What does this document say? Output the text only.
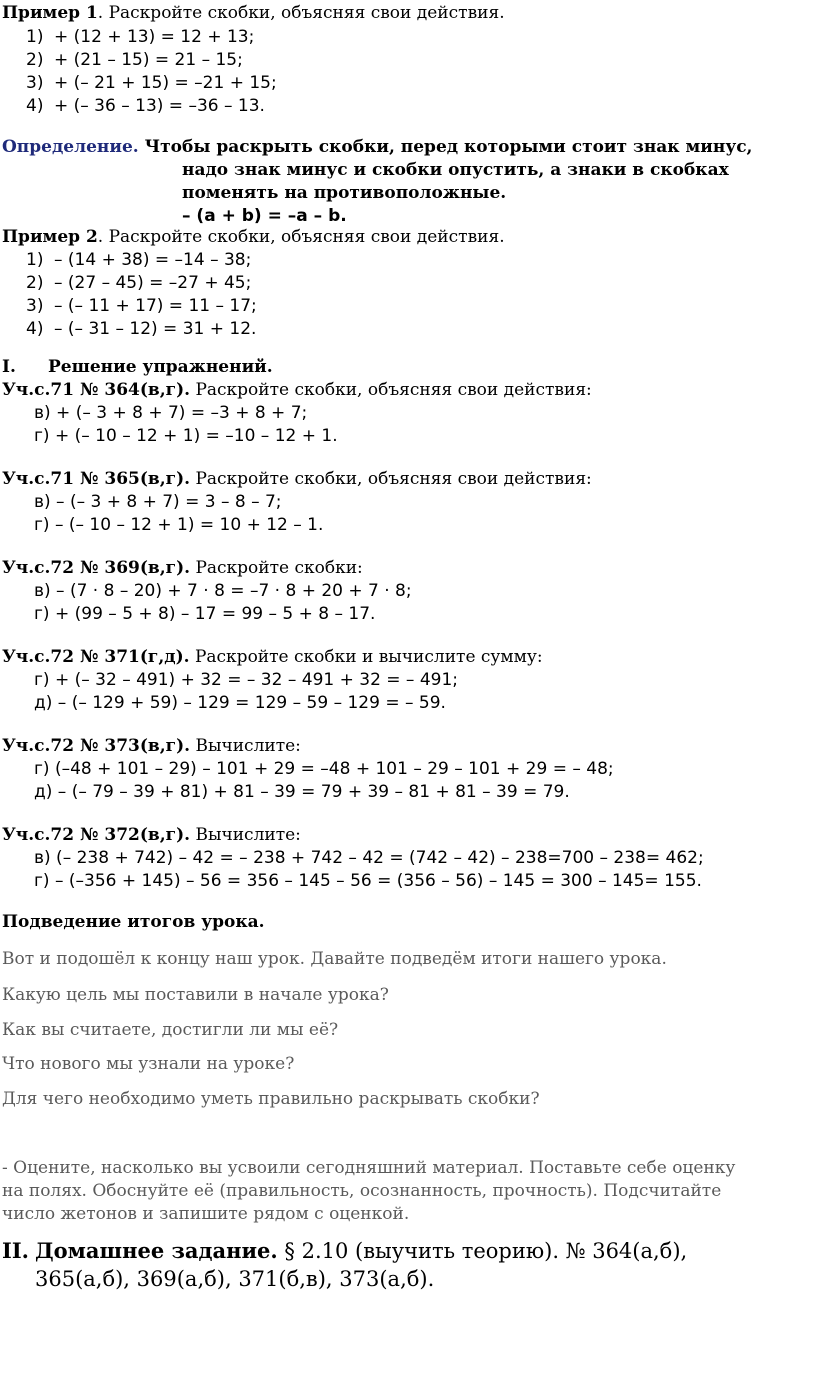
Пример 1. Раскройте скобки, объясняя свои действия.
1) + (12 + 13) = 12 + 13;
2) + (21 – 15) = 21 – 15;
3) + (– 21 + 15) = –21 + 15;
4) + (– 36 – 13) = –36 – 13.
Определение. Чтобы раскрыть скобки, перед которыми стоит знак минус,
надо знак минус и скобки опустить, а знаки в скобках
поменять на противоположные.
– (a + b) = –a – b.
Пример 2. Раскройте скобки, объясняя свои действия.
1) – (14 + 38) = –14 – 38;
2) – (27 – 45) = –27 + 45;
3) – (– 11 + 17) = 11 – 17;
4) – (– 31 – 12) = 31 + 12.
I. Решение упражнений.
Уч.с.71 № 364(в,г). Раскройте скобки, объясняя свои действия:
в) + (– 3 + 8 + 7) = –3 + 8 + 7;
г) + (– 10 – 12 + 1) = –10 – 12 + 1.
Уч.с.71 № 365(в,г). Раскройте скобки, объясняя свои действия:
в) – (– 3 + 8 + 7) = 3 – 8 – 7;
г) – (– 10 – 12 + 1) = 10 + 12 – 1.
Уч.с.72 № 369(в,г). Раскройте скобки:
в) – (7 · 8 – 20) + 7 · 8 = –7 · 8 + 20 + 7 · 8;
г) + (99 – 5 + 8) – 17 = 99 – 5 + 8 – 17.
Уч.с.72 № 371(г,д). Раскройте скобки и вычислите сумму:
г) + (– 32 – 491) + 32 = – 32 – 491 + 32 = – 491;
д) – (– 129 + 59) – 129 = 129 – 59 – 129 = – 59.
Уч.с.72 № 373(в,г). Вычислите:
г) (–48 + 101 – 29) – 101 + 29 = –48 + 101 – 29 – 101 + 29 = – 48;
д) – (– 79 – 39 + 81) + 81 – 39 = 79 + 39 – 81 + 81 – 39 = 79.
Уч.с.72 № 372(в,г). Вычислите:
в) (– 238 + 742) – 42 = – 238 + 742 – 42 = (742 – 42) – 238=700 – 238= 462;
г) – (–356 + 145) – 56 = 356 – 145 – 56 = (356 – 56) – 145 = 300 – 145= 155.
Подведение итогов урока.
Вот и подошёл к концу наш урок. Давайте подведём итоги нашего урока.
Какую цель мы поставили в начале урока?
Как вы считаете, достигли ли мы её?
Что нового мы узнали на уроке?
Для чего необходимо уметь правильно раскрывать скобки?
- Оцените, насколько вы усвоили сегодняшний материал. Поставьте себе оценку
на полях. Обоснуйте её (правильность, осознанность, прочность). Подсчитайте
число жетонов и запишите рядом с оценкой.
II. Домашнее задание. § 2.10 (выучить теорию). № 364(а,б),
365(а,б), 369(а,б), 371(б,в), 373(а,б).
